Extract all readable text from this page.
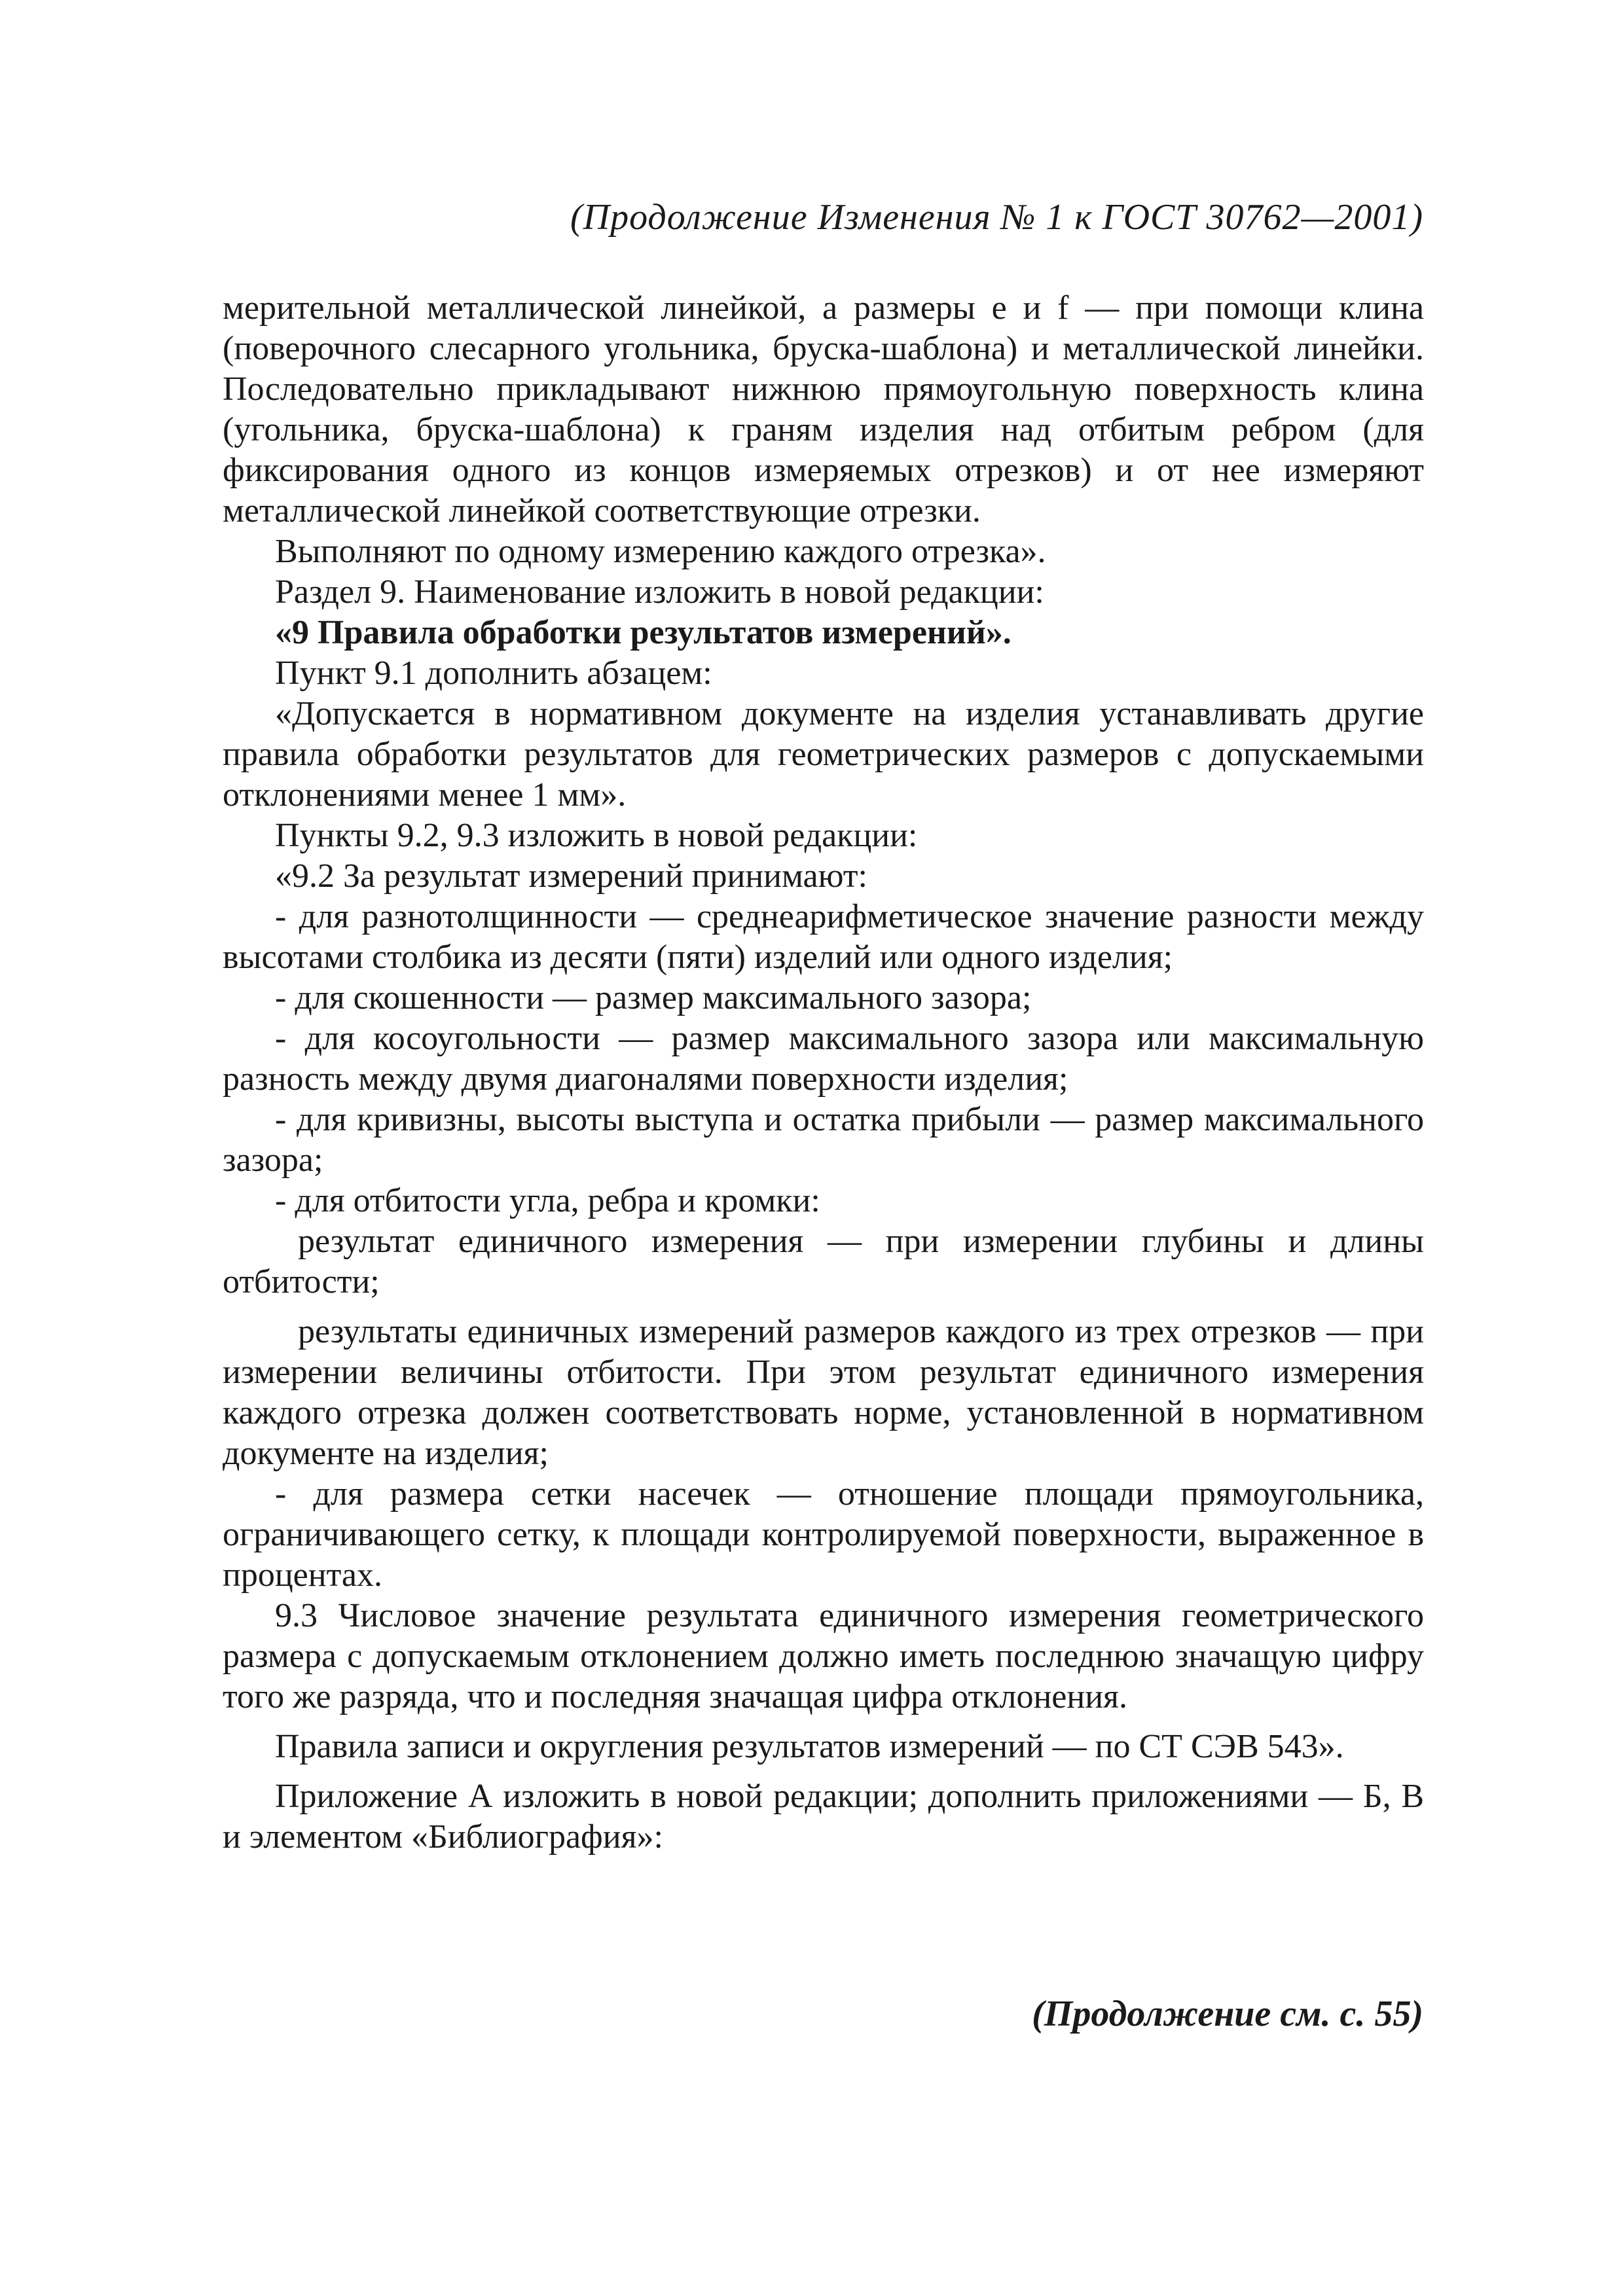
(Продолжение Изменения № 1 к ГОСТ 30762—2001)

мерительной металлической линейкой, а размеры e и f — при помощи клина (поверочного слесарного угольника, бруска-шаблона) и металлической линейки. Последовательно прикладывают нижнюю прямоугольную поверхность клина (угольника, бруска-шаблона) к граням изделия над отбитым ребром (для фиксирования одного из концов измеряемых отрезков) и от нее измеряют металлической линейкой соответствующие отрезки.

Выполняют по одному измерению каждого отрезка».

Раздел 9. Наименование изложить в новой редакции:

«9 Правила обработки результатов измерений».

Пункт 9.1 дополнить абзацем:

«Допускается в нормативном документе на изделия устанавливать другие правила обработки результатов для геометрических размеров с допускаемыми отклонениями менее 1 мм».

Пункты 9.2, 9.3 изложить в новой редакции:

«9.2 За результат измерений принимают:

- для разнотолщинности — среднеарифметическое значение разности между высотами столбика из десяти (пяти) изделий или одного изделия;

- для скошенности — размер максимального зазора;

- для косоугольности — размер максимального зазора или максимальную разность между двумя диагоналями поверхности изделия;

- для кривизны, высоты выступа и остатка прибыли — размер максимального зазора;

- для отбитости угла, ребра и кромки:

результат единичного измерения — при измерении глубины и длины отбитости;

результаты единичных измерений размеров каждого из трех отрезков — при измерении величины отбитости. При этом результат единичного измерения каждого отрезка должен соответствовать норме, установленной в нормативном документе на изделия;

- для размера сетки насечек — отношение площади прямоугольника, ограничивающего сетку, к площади контролируемой поверхности, выраженное в процентах.

9.3 Числовое значение результата единичного измерения геометрического размера с допускаемым отклонением должно иметь последнюю значащую цифру того же разряда, что и последняя значащая цифра отклонения.

Правила записи и округления результатов измерений — по СТ СЭВ 543».

Приложение А изложить в новой редакции; дополнить приложениями — Б, В и элементом «Библиография»:

(Продолжение см. с. 55)
